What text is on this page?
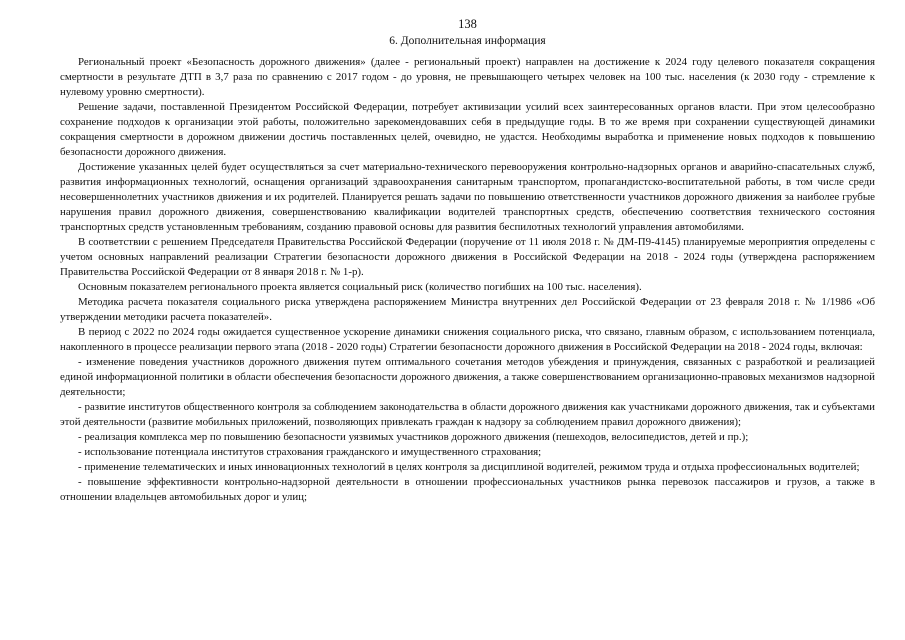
138
6. Дополнительная информация

Региональный проект «Безопасность дорожного движения» (далее - региональный проект) направлен на достижение к 2024 году целевого показателя сокращения смертности в результате ДТП в 3,7 раза по сравнению с 2017 годом - до уровня, не превышающего четырех человек на 100 тыс. населения (к 2030 году - стремление к нулевому уровню смертности).

Решение задачи, поставленной Президентом Российской Федерации, потребует активизации усилий всех заинтересованных органов власти. При этом целесообразно сохранение подходов к организации этой работы, положительно зарекомендовавших себя в предыдущие годы. В то же время при сохранении существующей динамики сокращения смертности в дорожном движении достичь поставленных целей, очевидно, не удастся. Необходимы выработка и применение новых подходов к повышению безопасности дорожного движения.

Достижение указанных целей будет осуществляться за счет материально-технического перевооружения контрольно-надзорных органов и аварийно-спасательных служб, развития информационных технологий, оснащения организаций здравоохранения санитарным транспортом, пропагандистско-воспитательной работы, в том числе среди несовершеннолетних участников движения и их родителей. Планируется решать задачи по повышению ответственности участников дорожного движения за наиболее грубые нарушения правил дорожного движения, совершенствованию квалификации водителей транспортных средств, обеспечению соответствия технического состояния транспортных средств установленным требованиям, созданию правовой основы для развития беспилотных технологий управления автомобилями.

В соответствии с решением Председателя Правительства Российской Федерации (поручение от 11 июля 2018 г. № ДМ-П9-4145) планируемые мероприятия определены с учетом основных направлений реализации Стратегии безопасности дорожного движения в Российской Федерации на 2018 - 2024 годы (утверждена распоряжением Правительства Российской Федерации от 8 января 2018 г. № 1-р).

Основным показателем регионального проекта является социальный риск (количество погибших на 100 тыс. населения).

Методика расчета показателя социального риска утверждена распоряжением Министра внутренних дел Российской Федерации от 23 февраля 2018 г. № 1/1986 «Об утверждении методики расчета показателей».

В период с 2022 по 2024 годы ожидается существенное ускорение динамики снижения социального риска, что связано, главным образом, с использованием потенциала, накопленного в процессе реализации первого этапа (2018 - 2020 годы) Стратегии безопасности дорожного движения в Российской Федерации на 2018 - 2024 годы, включая:

- изменение поведения участников дорожного движения путем оптимального сочетания методов убеждения и принуждения, связанных с разработкой и реализацией единой информационной политики в области обеспечения безопасности дорожного движения, а также совершенствованием организационно-правовых механизмов надзорной деятельности;

- развитие институтов общественного контроля за соблюдением законодательства в области дорожного движения как участниками дорожного движения, так и субъектами этой деятельности (развитие мобильных приложений, позволяющих привлекать граждан к надзору за соблюдением правил дорожного движения);

- реализация комплекса мер по повышению безопасности уязвимых участников дорожного движения (пешеходов, велосипедистов, детей и пр.);

- использование потенциала институтов страхования гражданского и имущественного страхования;

- применение телематических и иных инновационных технологий в целях контроля за дисциплиной водителей, режимом труда и отдыха профессиональных водителей;

- повышение эффективности контрольно-надзорной деятельности в отношении профессиональных участников рынка перевозок пассажиров и грузов, а также в отношении владельцев автомобильных дорог и улиц;
